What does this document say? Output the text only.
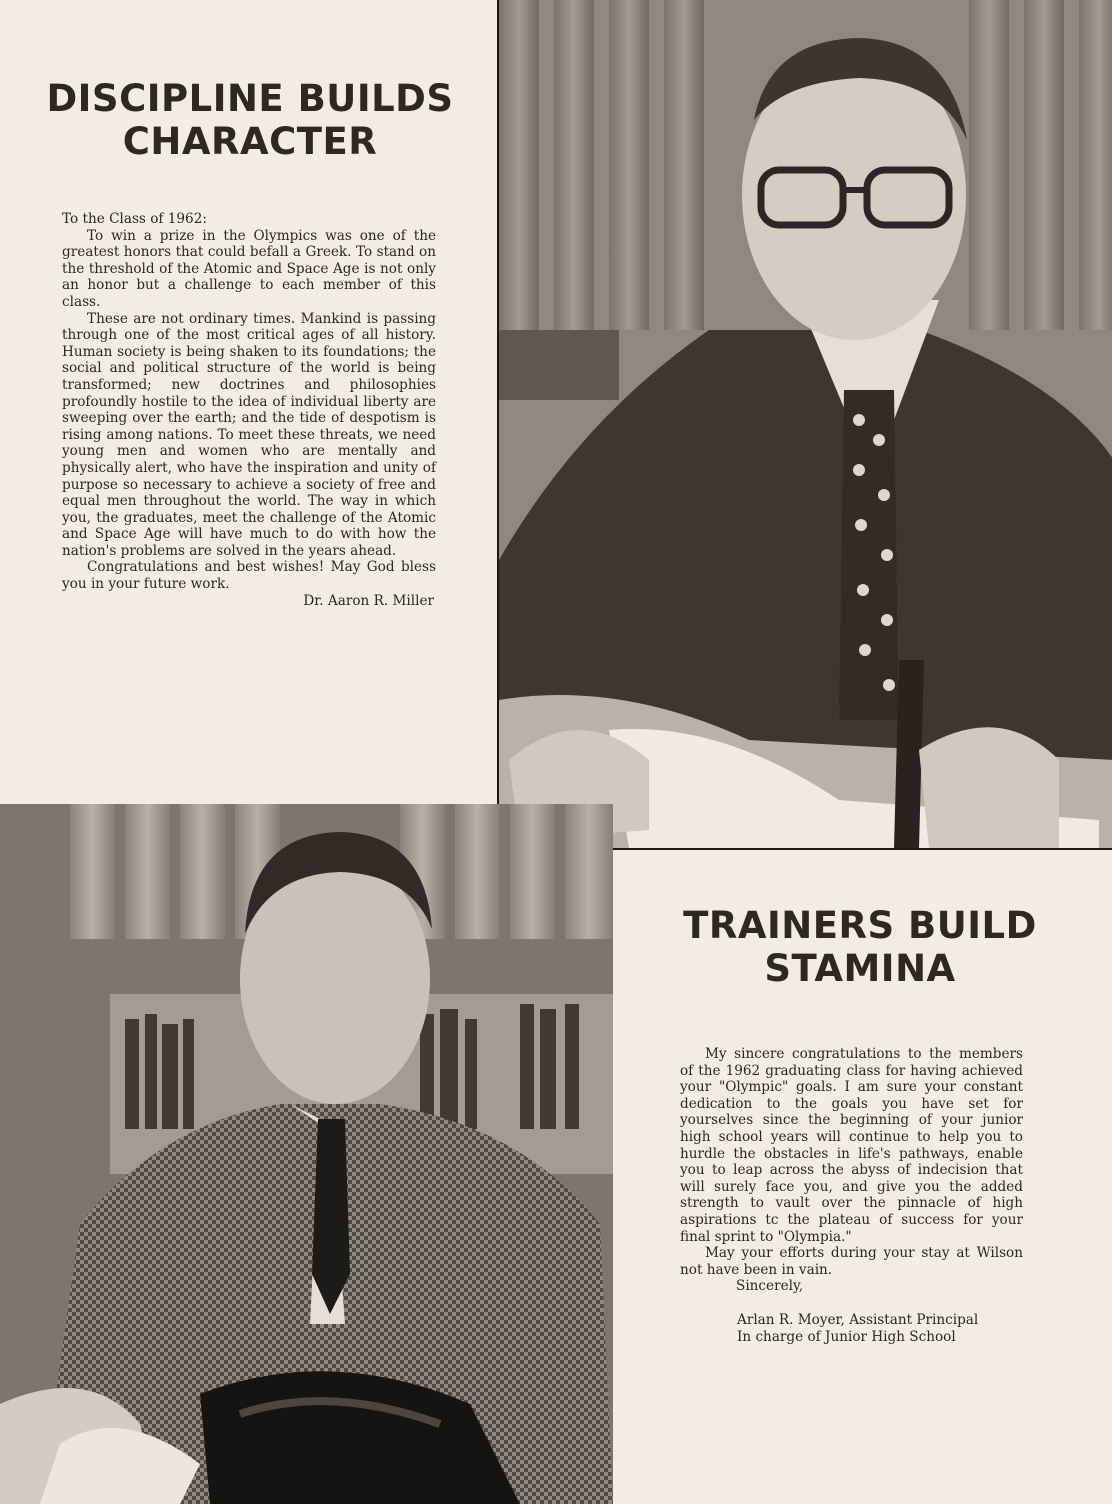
DISCIPLINE BUILDS
CHARACTER

To the Class of 1962:

To win a prize in the Olympics was one of the greatest honors that could befall a Greek. To stand on the threshold of the Atomic and Space Age is not only an honor but a challenge to each member of this class.

These are not ordinary times. Mankind is passing through one of the most critical ages of all history. Human society is being shaken to its foundations; the social and political structure of the world is being transformed; new doctrines and philosophies profoundly hostile to the idea of individual liberty are sweeping over the earth; and the tide of despotism is rising among nations. To meet these threats, we need young men and women who are mentally and physically alert, who have the inspiration and unity of purpose so necessary to achieve a society of free and equal men throughout the world. The way in which you, the graduates, meet the challenge of the Atomic and Space Age will have much to do with how the nation's problems are solved in the years ahead.

Congratulations and best wishes! May God bless you in your future work.

Dr. Aaron R. Miller

TRAINERS BUILD
STAMINA

My sincere congratulations to the members of the 1962 graduating class for having achieved your "Olympic" goals. I am sure your constant dedication to the goals you have set for yourselves since the beginning of your junior high school years will continue to help you to hurdle the obstacles in life's pathways, enable you to leap across the abyss of indecision that will surely face you, and give you the added strength to vault over the pinnacle of high aspirations tc the plateau of success for your final sprint to "Olympia."

May your efforts during your stay at Wilson not have been in vain.

Sincerely,

Arlan R. Moyer, Assistant Principal

In charge of Junior High School
